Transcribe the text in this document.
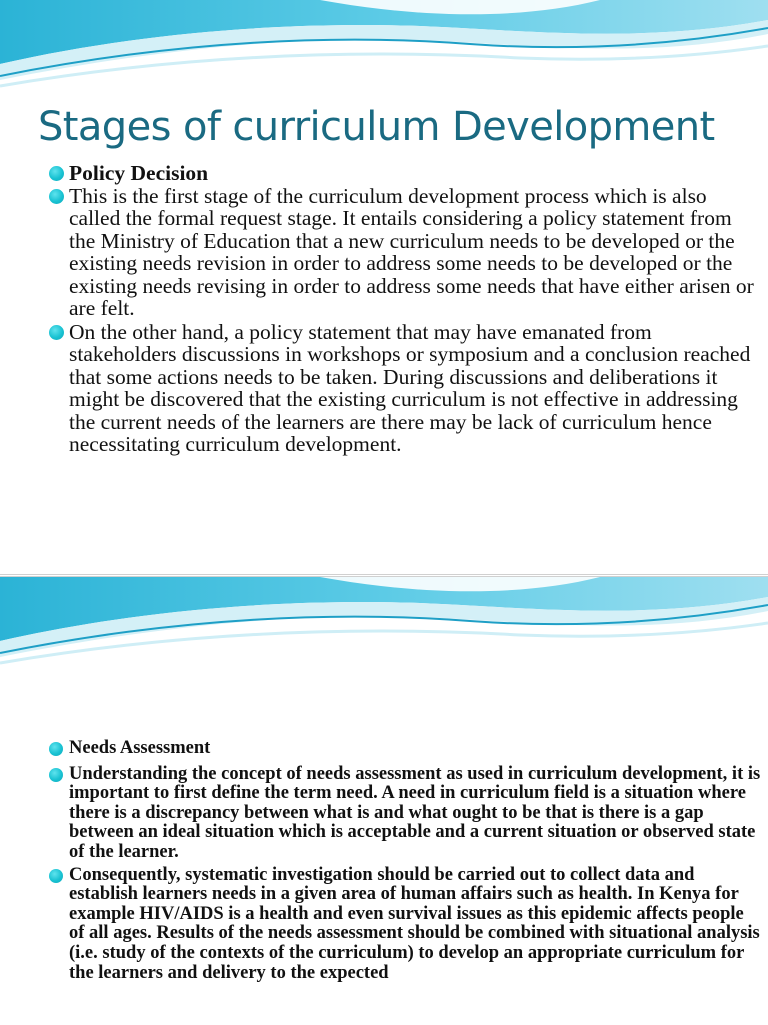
Stages of curriculum Development
Policy Decision
This is the first stage of the curriculum development process which is also called the formal request stage. It entails considering a policy statement from the Ministry of Education that a new curriculum needs to be developed or the existing needs revision in order to address some needs to be developed or the existing needs revising in order to address some needs that have either arisen or are felt.
On the other hand, a policy statement that may have emanated from stakeholders discussions in workshops or symposium and a conclusion reached that some actions needs to be taken. During discussions and deliberations it might be discovered that the existing curriculum is not effective in addressing the current needs of the learners are there may be lack of curriculum hence necessitating curriculum development.
Needs Assessment
Understanding the concept of needs assessment as used in curriculum development, it is important to first define the term need. A need in curriculum field is a situation where there is a discrepancy between what is and what ought to be that is there is a gap between an ideal situation which is acceptable and a current situation or observed state of the learner.
Consequently, systematic investigation should be carried out to collect data and establish learners needs in a given area of human affairs such as health. In Kenya for example HIV/AIDS is a health and even survival issues as this epidemic affects people of all ages. Results of the needs assessment should be combined with situational analysis (i.e. study of the contexts of the curriculum) to develop an appropriate curriculum for the learners and delivery to the expected
